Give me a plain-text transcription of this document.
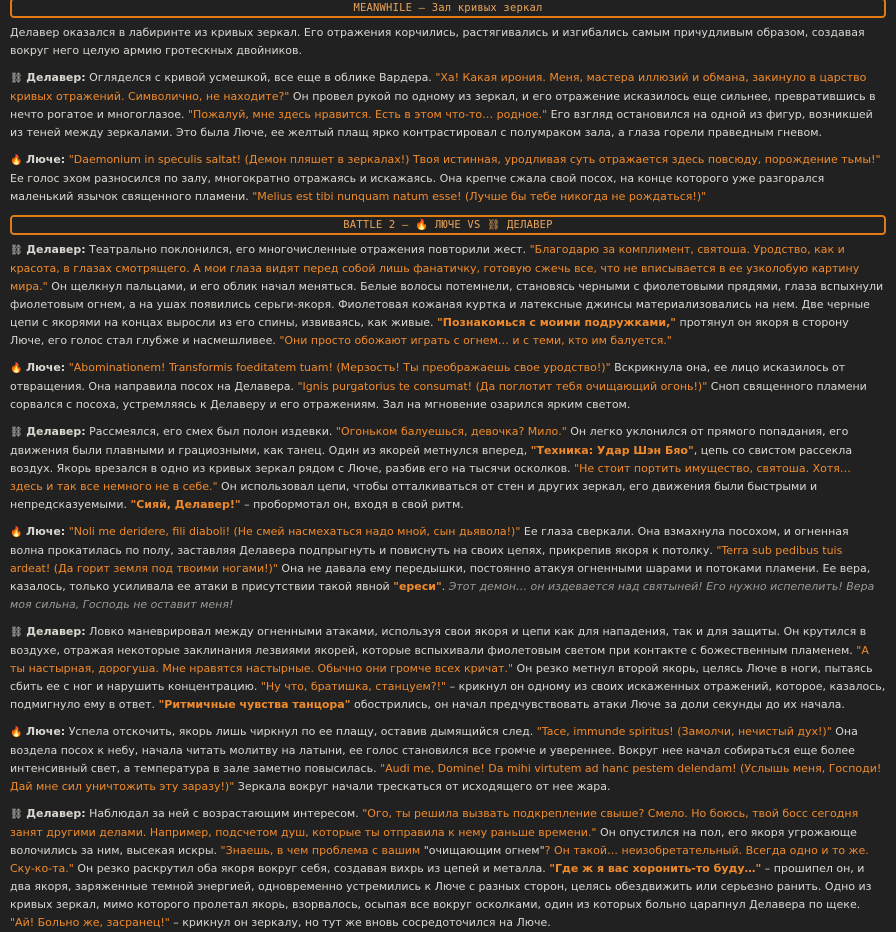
MEANWHILE – Зал кривых зеркал

Делавер оказался в лабиринте из кривых зеркал. Его отражения корчились, растягивались и изгибались самым причудливым образом, создавая вокруг него целую армию гротескных двойников.

⛓ Делавер: Огляделся с кривой усмешкой, все еще в облике Вардера. "Ха! Какая ирония. Меня, мастера иллюзий и обмана, закинуло в царство кривых отражений. Символично, не находите?" Он провел рукой по одному из зеркал, и его отражение исказилось еще сильнее, превратившись в нечто рогатое и многоглазое. "Пожалуй, мне здесь нравится. Есть в этом что-то… родное." Его взгляд остановился на одной из фигур, возникшей из теней между зеркалами. Это была Люче, ее желтый плащ ярко контрастировал с полумраком зала, а глаза горели праведным гневом.

🔥 Люче: "Daemonium in speculis saltat! (Демон пляшет в зеркалах!) Твоя истинная, уродливая суть отражается здесь повсюду, порождение тьмы!" Ее голос эхом разносился по залу, многократно отражаясь и искажаясь. Она крепче сжала свой посох, на конце которого уже разгорался маленький язычок священного пламени. "Melius est tibi nunquam natum esse! (Лучше бы тебе никогда не рождаться!)"

BATTLE 2 – 🔥 ЛЮЧЕ VS ⛓ ДЕЛАВЕР

⛓ Делавер: Театрально поклонился, его многочисленные отражения повторили жест. "Благодарю за комплимент, святоша. Уродство, как и красота, в глазах смотрящего. А мои глаза видят перед собой лишь фанатичку, готовую сжечь все, что не вписывается в ее узколобую картину мира." Он щелкнул пальцами, и его облик начал меняться. Белые волосы потемнели, становясь черными с фиолетовыми прядями, глаза вспыхнули фиолетовым огнем, а на ушах появились серьги-якоря. Фиолетовая кожаная куртка и латексные джинсы материализовались на нем. Две черные цепи с якорями на концах выросли из его спины, извиваясь, как живые. "Познакомься с моими подружками," протянул он якоря в сторону Люче, его голос стал глубже и насмешливее. "Они просто обожают играть с огнем… и с теми, кто им балуется."

🔥 Люче: "Abominationem! Transformis foeditatem tuam! (Мерзость! Ты преображаешь свое уродство!)" Вскрикнула она, ее лицо исказилось от отвращения. Она направила посох на Делавера. "Ignis purgatorius te consumat! (Да поглотит тебя очищающий огонь!)" Сноп священного пламени сорвался с посоха, устремляясь к Делаверу и его отражениям. Зал на мгновение озарился ярким светом.

⛓ Делавер: Рассмеялся, его смех был полон издевки. "Огоньком балуешься, девочка? Мило." Он легко уклонился от прямого попадания, его движения были плавными и грациозными, как танец. Один из якорей метнулся вперед, "Техника: Удар Шэн Бяо", цепь со свистом рассекла воздух. Якорь врезался в одно из кривых зеркал рядом с Люче, разбив его на тысячи осколков. "Не стоит портить имущество, святоша. Хотя… здесь и так все немного не в себе." Он использовал цепи, чтобы отталкиваться от стен и других зеркал, его движения были быстрыми и непредсказуемыми. "Сияй, Делавер!" – пробормотал он, входя в свой ритм.

🔥 Люче: "Noli me deridere, fili diaboli! (Не смей насмехаться надо мной, сын дьявола!)" Ее глаза сверкали. Она взмахнула посохом, и огненная волна прокатилась по полу, заставляя Делавера подпрыгнуть и повиснуть на своих цепях, прикрепив якоря к потолку. "Terra sub pedibus tuis ardeat! (Да горит земля под твоими ногами!)" Она не давала ему передышки, постоянно атакуя огненными шарами и потоками пламени. Ее вера, казалось, только усиливала ее атаки в присутствии такой явной "ереси". Этот демон… он издевается над святыней! Его нужно испепелить! Вера моя сильна, Господь не оставит меня!

⛓ Делавер: Ловко маневрировал между огненными атаками, используя свои якоря и цепи как для нападения, так и для защиты. Он крутился в воздухе, отражая некоторые заклинания лезвиями якорей, которые вспыхивали фиолетовым светом при контакте с божественным пламенем. "А ты настырная, дорогуша. Мне нравятся настырные. Обычно они громче всех кричат." Он резко метнул второй якорь, целясь Люче в ноги, пытаясь сбить ее с ног и нарушить концентрацию. "Ну что, братишка, станцуем?!" – крикнул он одному из своих искаженных отражений, которое, казалось, подмигнуло ему в ответ. "Ритмичные чувства танцора" обострились, он начал предчувствовать атаки Люче за доли секунды до их начала.

🔥 Люче: Успела отскочить, якорь лишь чиркнул по ее плащу, оставив дымящийся след. "Tace, immunde spiritus! (Замолчи, нечистый дух!)" Она воздела посох к небу, начала читать молитву на латыни, ее голос становился все громче и увереннее. Вокруг нее начал собираться еще более интенсивный свет, а температура в зале заметно повысилась. "Audi me, Domine! Da mihi virtutem ad hanc pestem delendam! (Услышь меня, Господи! Дай мне сил уничтожить эту заразу!)" Зеркала вокруг начали трескаться от исходящего от нее жара.

⛓ Делавер: Наблюдал за ней с возрастающим интересом. "Ого, ты решила вызвать подкрепление свыше? Смело. Но боюсь, твой босс сегодня занят другими делами. Например, подсчетом душ, которые ты отправила к нему раньше времени." Он опустился на пол, его якоря угрожающе волочились за ним, высекая искры. "Знаешь, в чем проблема с вашим "очищающим огнем"? Он такой… неизобретательный. Всегда одно и то же. Ску-ко-та." Он резко раскрутил оба якоря вокруг себя, создавая вихрь из цепей и металла. "Где ж я вас хоронить-то буду…" – прошипел он, и два якоря, заряженные темной энергией, одновременно устремились к Люче с разных сторон, целясь обездвижить или серьезно ранить. Одно из кривых зеркал, мимо которого пролетал якорь, взорвалось, осыпая все вокруг осколками, один из которых больно царапнул Делавера по щеке. "Ай! Больно же, засранец!" – крикнул он зеркалу, но тут же вновь сосредоточился на Люче.
